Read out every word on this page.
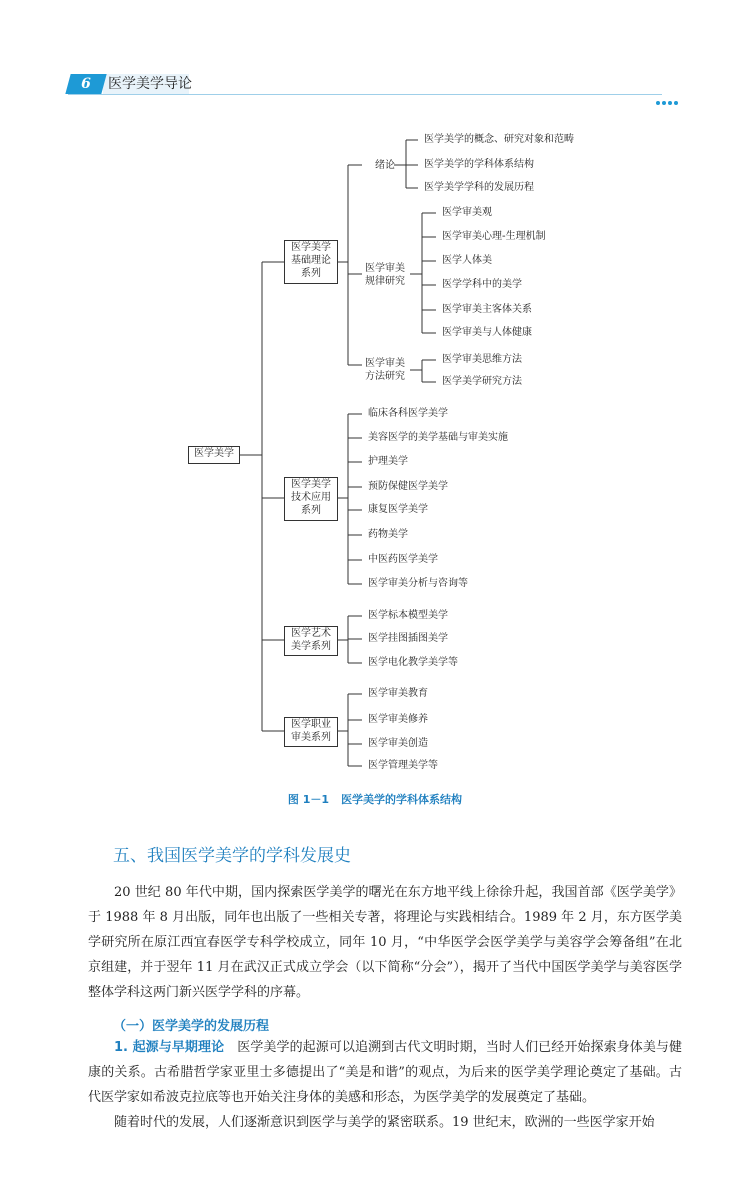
6	医学美学导论
医学美学
医学美学
基础理论
系列
医学美学
技术应用
系列
医学艺术
美学系列
医学职业
审美系列
绪论
医学审美
规律研究
医学审美
方法研究
医学美学的概念、研究对象和范畴
医学美学的学科体系结构
医学美学学科的发展历程
医学审美观
医学审美心理-生理机制
医学人体美
医学学科中的美学
医学审美主客体关系
医学审美与人体健康
医学审美思维方法
医学美学研究方法
临床各科医学美学
美容医学的美学基础与审美实施
护理美学
预防保健医学美学
康复医学美学
药物美学
中医药医学美学
医学审美分析与咨询等
医学标本模型美学
医学挂图插图美学
医学电化教学美学等
医学审美教育
医学审美修养
医学审美创造
医学管理美学等
图 1－1 医学美学的学科体系结构
五、我国医学美学的学科发展史
20 世纪 80 年代中期，国内探索医学美学的曙光在东方地平线上徐徐升起，我国首部《医学美学》于 1988 年 8 月出版，同年也出版了一些相关专著，将理论与实践相结合。1989 年 2 月，东方医学美学研究所在原江西宜春医学专科学校成立，同年 10 月，“中华医学会医学美学与美容学会筹备组”在北京组建，并于翌年 11 月在武汉正式成立学会（以下简称“分会”），揭开了当代中国医学美学与美容医学整体学科这两门新兴医学学科的序幕。
（一）医学美学的发展历程
1. 起源与早期理论　 医学美学的起源可以追溯到古代文明时期，当时人们已经开始探索身体美与健康的关系。古希腊哲学家亚里士多德提出了“美是和谐”的观点，为后来的医学美学理论奠定了基础。古代医学家如希波克拉底等也开始关注身体的美感和形态，为医学美学的发展奠定了基础。
随着时代的发展，人们逐渐意识到医学与美学的紧密联系。19 世纪末，欧洲的一些医学家开始
